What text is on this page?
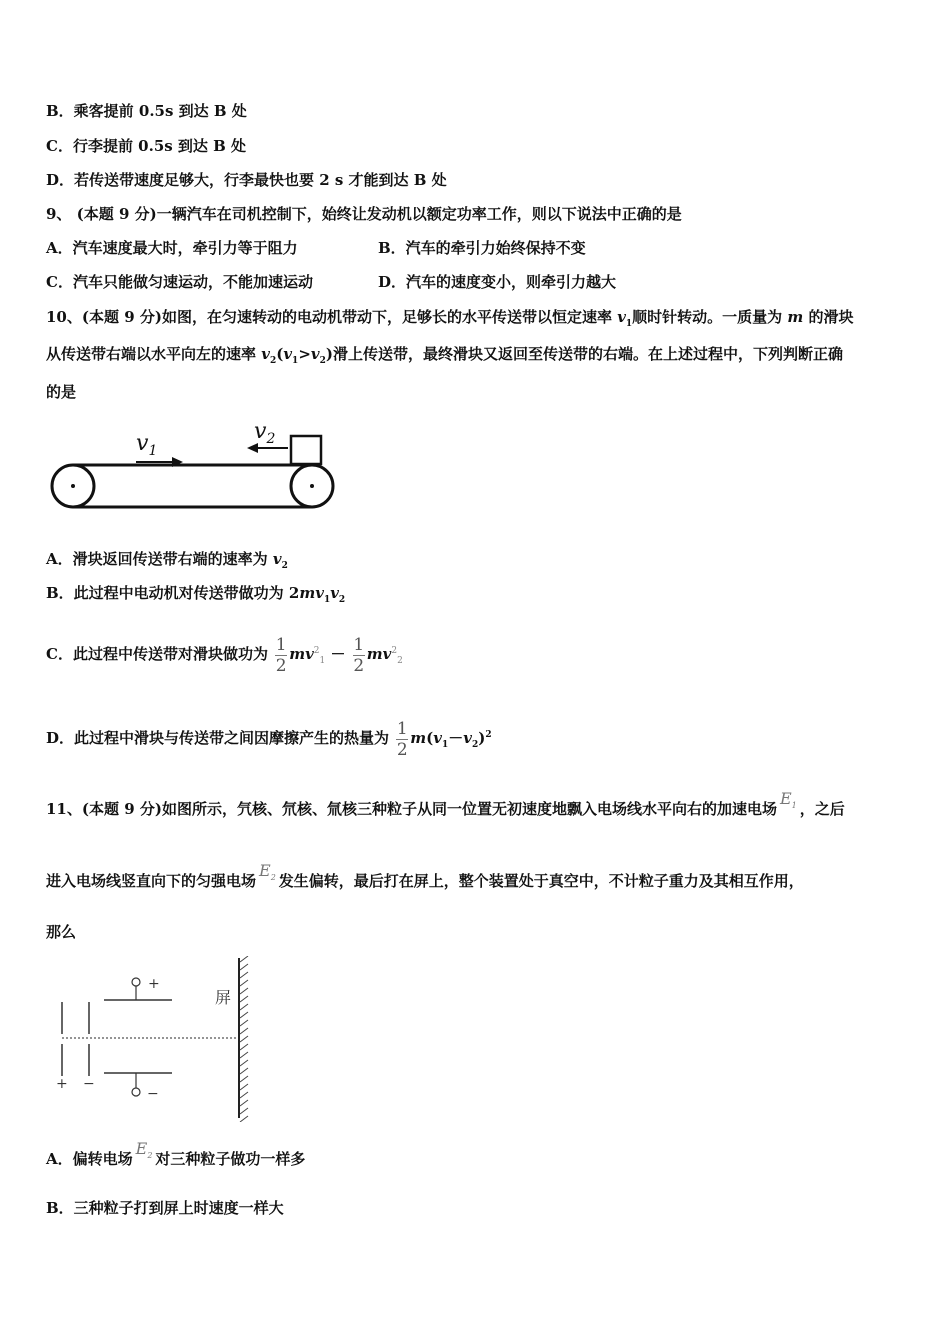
B．乘客提前 0.5s 到达 B 处
C．行李提前 0.5s 到达 B 处
D．若传送带速度足够大，行李最快也要 2 s 才能到达 B 处
9、 (本题 9 分)一辆汽车在司机控制下，始终让发动机以额定功率工作，则以下说法中正确的是
A．汽车速度最大时，牵引力等于阻力	B．汽车的牵引力始终保持不变
C．汽车只能做匀速运动，不能加速运动	D．汽车的速度变小，则牵引力越大
10、(本题 9 分)如图，在匀速转动的电动机带动下，足够长的水平传送带以恒定速率 $v_1$顺时针转动。一质量为 m 的滑块
从传送带右端以水平向左的速率 $v_2(v_1>v_2)$滑上传送带，最终滑块又返回至传送带的右端。在上述过程中，下列判断正确
的是
$v_1$
$v_2$
A．滑块返回传送带右端的速率为 $v_2$
B．此过程中电动机对传送带做功为 $2mv_1v_2$
C．此过程中传送带对滑块做功为 $\frac{1}{2} mv^2_1 - \frac{1}{2} mv^2_2$
D．此过程中滑块与传送带之间因摩擦产生的热量为 $\frac{1}{2} m(v_1-v_2)^2$
11、(本题 9 分)如图所示，氕核、氘核、氚核三种粒子从同一位置无初速度地飘入电场线水平向右的加速电场$E_1$ ，之后
进入电场线竖直向下的匀强电场$E_2$ 发生偏转，最后打在屏上，整个装置处于真空中，不计粒子重力及其相互作用，
那么
+ −
+
−
屏
A．偏转电场$E_2$ 对三种粒子做功一样多
B．三种粒子打到屏上时速度一样大
